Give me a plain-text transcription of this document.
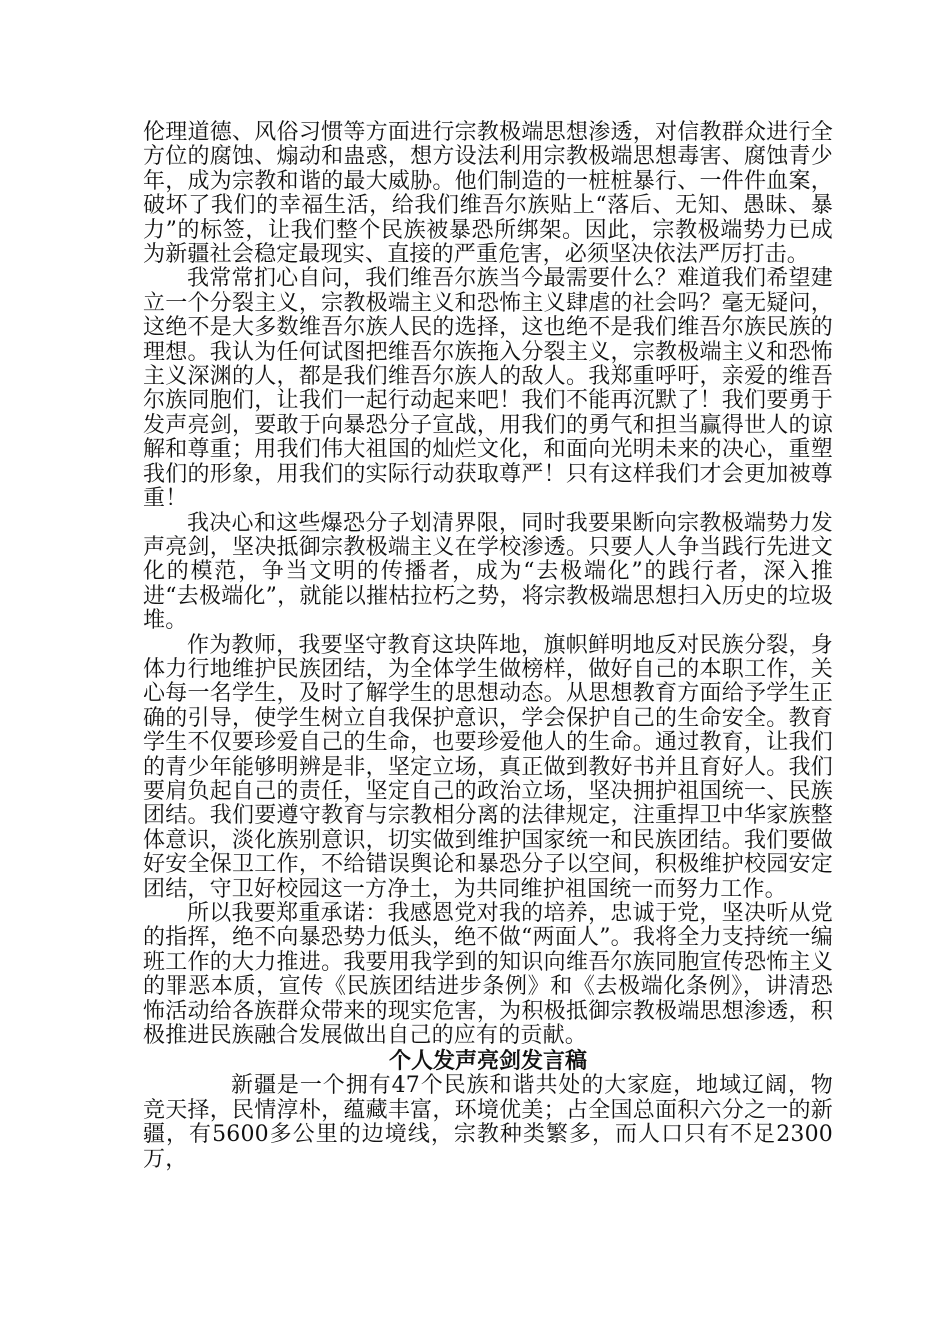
伦理道德、风俗习惯等方面进行宗教极端思想渗透，对信教群众进行全方位的腐蚀、煽动和蛊惑，想方设法利用宗教极端思想毒害、腐蚀青少年，成为宗教和谐的最大威胁。他们制造的一桩桩暴行、一件件血案，破坏了我们的幸福生活，给我们维吾尔族贴上“落后、无知、愚昧、暴力”的标签，让我们整个民族被暴恐所绑架。因此，宗教极端势力已成为新疆社会稳定最现实、直接的严重危害，必须坚决依法严厉打击。

我常常扪心自问，我们维吾尔族当今最需要什么？难道我们希望建立一个分裂主义，宗教极端主义和恐怖主义肆虐的社会吗？毫无疑问，这绝不是大多数维吾尔族人民的选择，这也绝不是我们维吾尔族民族的理想。我认为任何试图把维吾尔族拖入分裂主义，宗教极端主义和恐怖主义深渊的人，都是我们维吾尔族人的敌人。我郑重呼吁，亲爱的维吾尔族同胞们，让我们一起行动起来吧！我们不能再沉默了！我们要勇于发声亮剑，要敢于向暴恐分子宣战，用我们的勇气和担当赢得世人的谅解和尊重；用我们伟大祖国的灿烂文化，和面向光明未来的决心，重塑我们的形象，用我们的实际行动获取尊严！只有这样我们才会更加被尊重！

我决心和这些爆恐分子划清界限，同时我要果断向宗教极端势力发声亮剑，坚决抵御宗教极端主义在学校渗透。只要人人争当践行先进文化的模范，争当文明的传播者，成为“去极端化”的践行者，深入推进“去极端化”，就能以摧枯拉朽之势，将宗教极端思想扫入历史的垃圾堆。

作为教师，我要坚守教育这块阵地，旗帜鲜明地反对民族分裂，身体力行地维护民族团结，为全体学生做榜样，做好自己的本职工作，关心每一名学生，及时了解学生的思想动态。从思想教育方面给予学生正确的引导，使学生树立自我保护意识，学会保护自己的生命安全。教育学生不仅要珍爱自己的生命，也要珍爱他人的生命。通过教育，让我们的青少年能够明辨是非，坚定立场，真正做到教好书并且育好人。我们要肩负起自己的责任，坚定自己的政治立场，坚决拥护祖国统一、民族团结。我们要遵守教育与宗教相分离的法律规定，注重捍卫中华家族整体意识，淡化族别意识，切实做到维护国家统一和民族团结。我们要做好安全保卫工作，不给错误舆论和暴恐分子以空间，积极维护校园安定团结，守卫好校园这一方净土，为共同维护祖国统一而努力工作。

所以我要郑重承诺：我感恩党对我的培养，忠诚于党，坚决听从党的指挥，绝不向暴恐势力低头，绝不做“两面人”。我将全力支持统一编班工作的大力推进。我要用我学到的知识向维吾尔族同胞宣传恐怖主义的罪恶本质，宣传《民族团结进步条例》和《去极端化条例》，讲清恐怖活动给各族群众带来的现实危害，为积极抵御宗教极端思想渗透，积极推进民族融合发展做出自己的应有的贡献。

个人发声亮剑发言稿

新疆是一个拥有47个民族和谐共处的大家庭，地域辽阔，物竞天择，民情淳朴，蕴藏丰富，环境优美；占全国总面积六分之一的新疆，有5600多公里的边境线，宗教种类繁多，而人口只有不足2300万，
